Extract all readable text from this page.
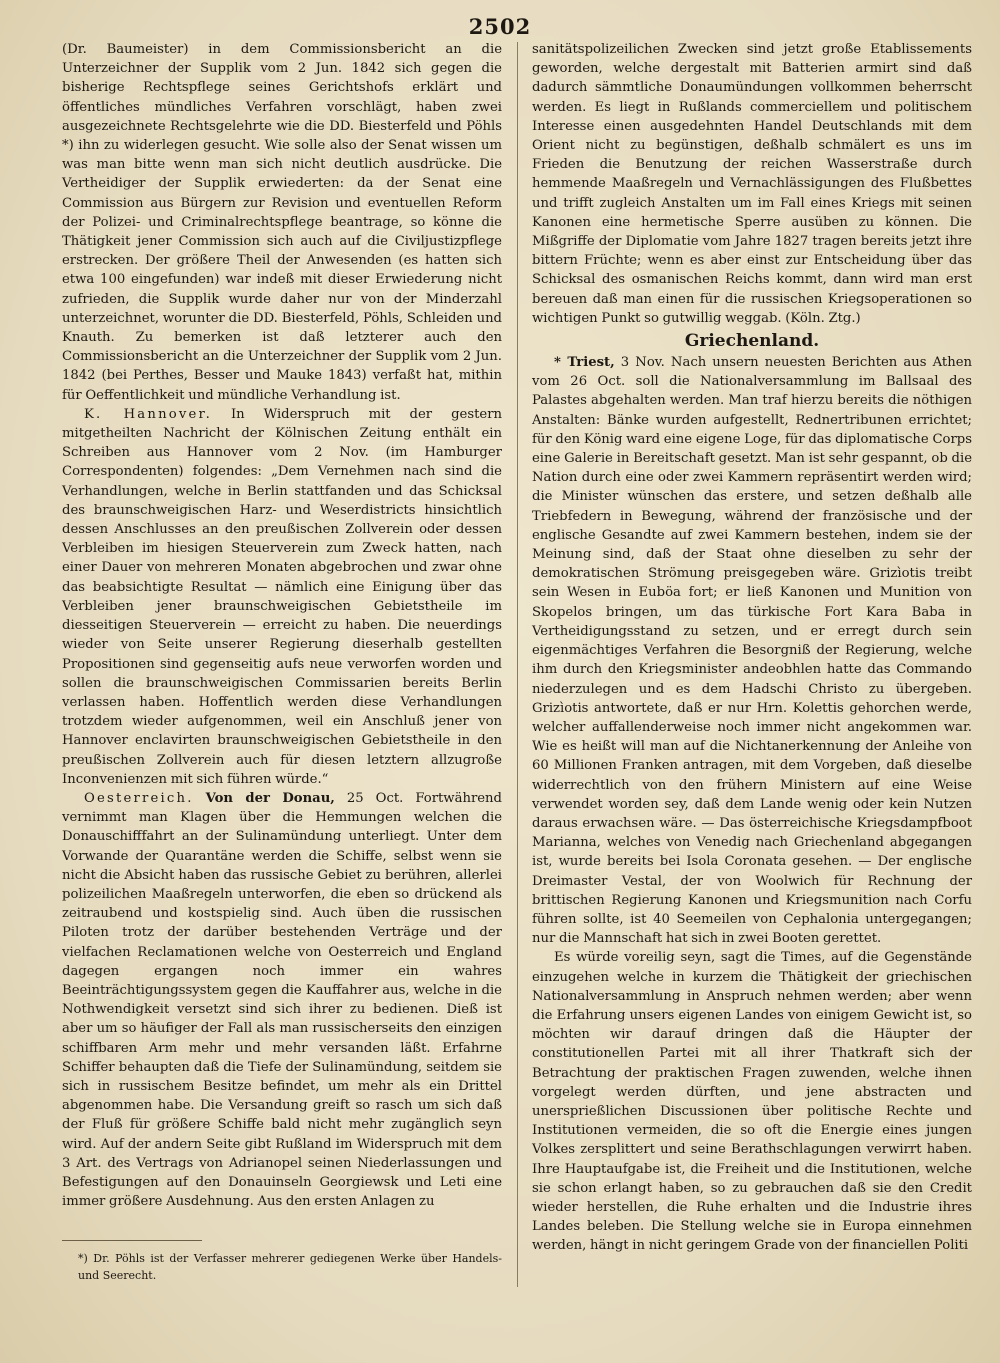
2502

(Dr. Baumeister) in dem Commissionsbericht an die Unterzeichner der Supplik vom 2 Jun. 1842 sich gegen die bisherige Rechtspflege seines Gerichtshofs erklärt und öffentliches mündliches Verfahren vorschlägt, haben zwei ausgezeichnete Rechtsgelehrte wie die DD. Biesterfeld und Pöhls *) ihn zu widerlegen gesucht. Wie solle also der Senat wissen um was man bitte wenn man sich nicht deutlich ausdrücke. Die Vertheidiger der Supplik erwiederten: da der Senat eine Commission aus Bürgern zur Revision und eventuellen Reform der Polizei- und Criminalrechtspflege beantrage, so könne die Thätigkeit jener Commission sich auch auf die Civiljustizpflege erstrecken. Der größere Theil der Anwesenden (es hatten sich etwa 100 eingefunden) war indeß mit dieser Erwiederung nicht zufrieden, die Supplik wurde daher nur von der Minderzahl unterzeichnet, worunter die DD. Biesterfeld, Pöhls, Schleiden und Knauth. Zu bemerken ist daß letzterer auch den Commissionsbericht an die Unterzeichner der Supplik vom 2 Jun. 1842 (bei Perthes, Besser und Mauke 1843) verfaßt hat, mithin für Oeffentlichkeit und mündliche Verhandlung ist.

K. Hannover. In Widerspruch mit der gestern mitgetheilten Nachricht der Kölnischen Zeitung enthält ein Schreiben aus Hannover vom 2 Nov. (im Hamburger Correspondenten) folgendes: „Dem Vernehmen nach sind die Verhandlungen, welche in Berlin stattfanden und das Schicksal des braunschweigischen Harz- und Weserdistricts hinsichtlich dessen Anschlusses an den preußischen Zollverein oder dessen Verbleiben im hiesigen Steuerverein zum Zweck hatten, nach einer Dauer von mehreren Monaten abgebrochen und zwar ohne das beabsichtigte Resultat — nämlich eine Einigung über das Verbleiben jener braunschweigischen Gebietstheile im diesseitigen Steuerverein — erreicht zu haben. Die neuerdings wieder von Seite unserer Regierung dieserhalb gestellten Propositionen sind gegenseitig aufs neue verworfen worden und sollen die braunschweigischen Commissarien bereits Berlin verlassen haben. Hoffentlich werden diese Verhandlungen trotzdem wieder aufgenommen, weil ein Anschluß jener von Hannover enclavirten braunschweigischen Gebietstheile in den preußischen Zollverein auch für diesen letztern allzugroße Inconvenienzen mit sich führen würde.“

Oesterreich. Von der Donau, 25 Oct. Fortwährend vernimmt man Klagen über die Hemmungen welchen die Donauschifffahrt an der Sulinamündung unterliegt. Unter dem Vorwande der Quarantäne werden die Schiffe, selbst wenn sie nicht die Absicht haben das russische Gebiet zu berühren, allerlei polizeilichen Maaßregeln unterworfen, die eben so drückend als zeitraubend und kostspielig sind. Auch üben die russischen Piloten trotz der darüber bestehenden Verträge und der vielfachen Reclamationen welche von Oesterreich und England dagegen ergangen noch immer ein wahres Beeinträchtigungssystem gegen die Kauffahrer aus, welche in die Nothwendigkeit versetzt sind sich ihrer zu bedienen. Dieß ist aber um so häufiger der Fall als man russischerseits den einzigen schiffbaren Arm mehr und mehr versanden läßt. Erfahrne Schiffer behaupten daß die Tiefe der Sulinamündung, seitdem sie sich in russischem Besitze befindet, um mehr als ein Drittel abgenommen habe. Die Versandung greift so rasch um sich daß der Fluß für größere Schiffe bald nicht mehr zugänglich seyn wird. Auf der andern Seite gibt Rußland im Widerspruch mit dem 3 Art. des Vertrags von Adrianopel seinen Niederlassungen und Befestigungen auf den Donauinseln Georgiewsk und Leti eine immer größere Ausdehnung. Aus den ersten Anlagen zu

sanitätspolizeilichen Zwecken sind jetzt große Etablissements geworden, welche dergestalt mit Batterien armirt sind daß dadurch sämmtliche Donaumündungen vollkommen beherrscht werden. Es liegt in Rußlands commerciellem und politischem Interesse einen ausgedehnten Handel Deutschlands mit dem Orient nicht zu begünstigen, deßhalb schmälert es uns im Frieden die Benutzung der reichen Wasserstraße durch hemmende Maaßregeln und Vernachlässigungen des Flußbettes und trifft zugleich Anstalten um im Fall eines Kriegs mit seinen Kanonen eine hermetische Sperre ausüben zu können. Die Mißgriffe der Diplomatie vom Jahre 1827 tragen bereits jetzt ihre bittern Früchte; wenn es aber einst zur Entscheidung über das Schicksal des osmanischen Reichs kommt, dann wird man erst bereuen daß man einen für die russischen Kriegsoperationen so wichtigen Punkt so gutwillig weggab. (Köln. Ztg.)

Griechenland.

* Triest, 3 Nov. Nach unsern neuesten Berichten aus Athen vom 26 Oct. soll die Nationalversammlung im Ballsaal des Palastes abgehalten werden. Man traf hierzu bereits die nöthigen Anstalten: Bänke wurden aufgestellt, Rednertribunen errichtet; für den König ward eine eigene Loge, für das diplomatische Corps eine Galerie in Bereitschaft gesetzt. Man ist sehr gespannt, ob die Nation durch eine oder zwei Kammern repräsentirt werden wird; die Minister wünschen das erstere, und setzen deßhalb alle Triebfedern in Bewegung, während der französische und der englische Gesandte auf zwei Kammern bestehen, indem sie der Meinung sind, daß der Staat ohne dieselben zu sehr der demokratischen Strömung preisgegeben wäre. Grizìotis treibt sein Wesen in Euböa fort; er ließ Kanonen und Munition von Skopelos bringen, um das türkische Fort Kara Baba in Vertheidigungsstand zu setzen, und er erregt durch sein eigenmächtiges Verfahren die Besorgniß der Regierung, welche ihm durch den Kriegsminister andeobhlen hatte das Commando niederzulegen und es dem Hadschi Christo zu übergeben. Grizìotis antwortete, daß er nur Hrn. Kolettis gehorchen werde, welcher auffallenderweise noch immer nicht angekommen war. Wie es heißt will man auf die Nichtanerkennung der Anleihe von 60 Millionen Franken antragen, mit dem Vorgeben, daß dieselbe widerrechtlich von den frühern Ministern auf eine Weise verwendet worden sey, daß dem Lande wenig oder kein Nutzen daraus erwachsen wäre. — Das österreichische Kriegsdampfboot Marianna, welches von Venedig nach Griechenland abgegangen ist, wurde bereits bei Isola Coronata gesehen. — Der englische Dreimaster Vestal, der von Woolwich für Rechnung der brittischen Regierung Kanonen und Kriegsmunition nach Corfu führen sollte, ist 40 Seemeilen von Cephalonia untergegangen; nur die Mannschaft hat sich in zwei Booten gerettet.

Es würde voreilig seyn, sagt die Times, auf die Gegenstände einzugehen welche in kurzem die Thätigkeit der griechischen Nationalversammlung in Anspruch nehmen werden; aber wenn die Erfahrung unsers eigenen Landes von einigem Gewicht ist, so möchten wir darauf dringen daß die Häupter der constitutionellen Partei mit all ihrer Thatkraft sich der Betrachtung der praktischen Fragen zuwenden, welche ihnen vorgelegt werden dürften, und jene abstracten und unersprießlichen Discussionen über politische Rechte und Institutionen vermeiden, die so oft die Energie eines jungen Volkes zersplittert und seine Berathschlagungen verwirrt haben. Ihre Hauptaufgabe ist, die Freiheit und die Institutionen, welche sie schon erlangt haben, so zu gebrauchen daß sie den Credit wieder herstellen, die Ruhe erhalten und die Industrie ihres Landes beleben. Die Stellung welche sie in Europa einnehmen werden, hängt in nicht geringem Grade von der financiellen Politi

*) Dr. Pöhls ist der Verfasser mehrerer gediegenen Werke über Handels- und Seerecht.
